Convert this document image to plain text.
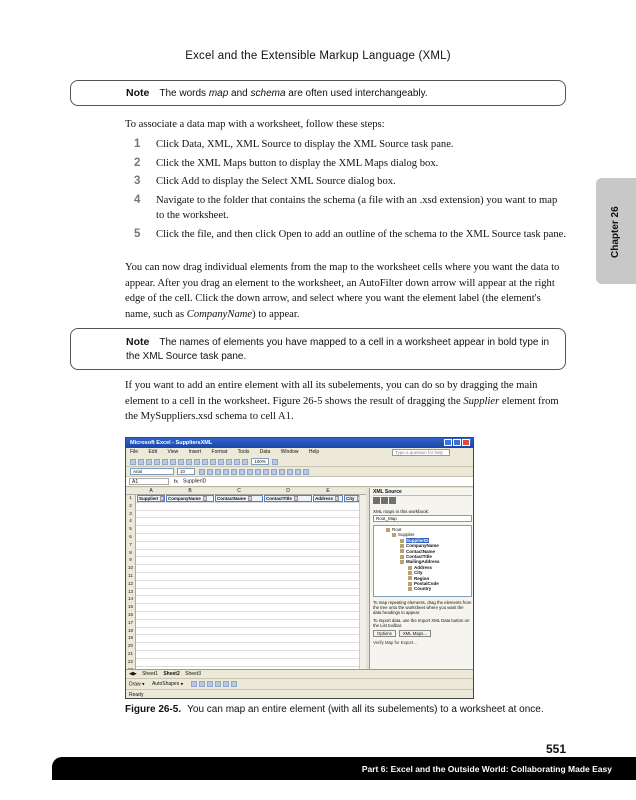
Excel and the Extensible Markup Language (XML)
Note The words map and schema are often used interchangeably.

To associate a data map with a worksheet, follow these steps:

1 Click Data, XML, XML Source to display the XML Source task pane.
2 Click the XML Maps button to display the XML Maps dialog box.
3 Click Add to display the Select XML Source dialog box.
4 Navigate to the folder that contains the schema (a file with an .xsd extension) you want to map to the worksheet.
5 Click the file, and then click Open to add an outline of the schema to the XML Source task pane.

You can now drag individual elements from the map to the worksheet cells where you want the data to appear. After you drag an element to the worksheet, an AutoFilter down arrow will appear at the right edge of the cell. Click the down arrow, and select where you want the element label (the element's name, such as CompanyName) to appear.

Note The names of elements you have mapped to a cell in a worksheet appear in bold type in the XML Source task pane.

If you want to add an entire element with all its subelements, you can do so by dragging the main element to a cell in the worksheet. Figure 26-5 shows the result of dragging the Supplier element from the MySuppliers.xsd schema to cell A1.

Chapter 26
Microsoft Excel - SuppliersXML
File Edit View Insert Format Tools Data Window Help	Type a question for help
100%
Arial	10
A1	fx SupplierID
A	B	C	D	E
1	SupplierI CompanyName	ContactName	ContactTitle	Address	City
2
3
4
5
6
7
8
9
10
11
12
13
14
15
16
17
18
19
20
21
22
XML Source
XML maps in this workbook:
Root_Map
Root
Supplier
SupplierID
CompanyName
ContactName
ContactTitle
MailingAddress
Address
City
Region
PostalCode
Country
To map repeating elements, drag the elements from the tree onto the worksheet where you want the data headings to appear.
To import data, use the Import XML Data button on the List toolbar.
Options	XML Maps...
Verify Map for Export...
◀▶ Sheet1 Sheet2 Sheet3
Draw ▾ AutoShapes ▾
Ready
Figure 26-5. You can map an entire element (with all its subelements) to a worksheet at once.
551
Part 6: Excel and the Outside World: Collaborating Made Easy
